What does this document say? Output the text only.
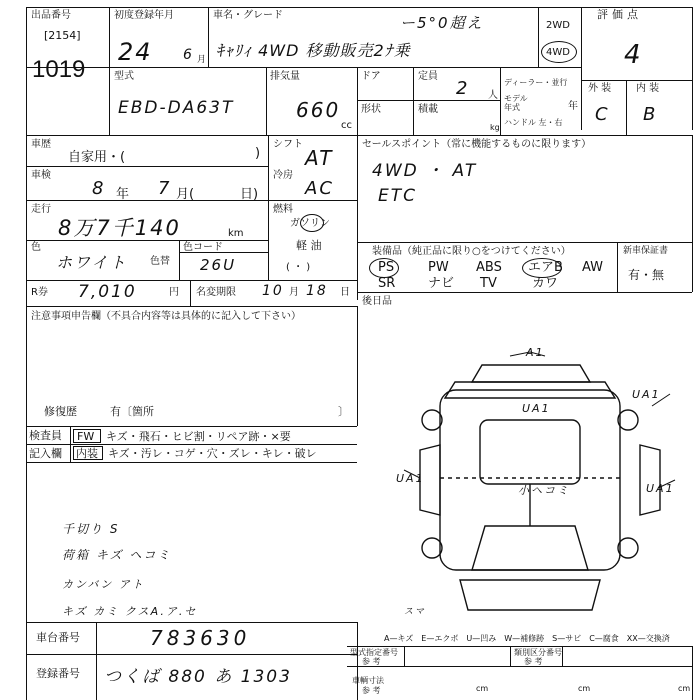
出品番号
[2154]
1019
初度登録年月
24 6 月
車名・グレード	ー5°0超え
ｷｬﾘｨ 4WD 移動販売2ﾅ乗
2WD
4WD
評価点
4
型式
EBD-DA63T
排気量
660
cc
ドア	定員
2 人
ディーラー・並行
モデル 年式	年
形状	積載
kg
ハンドル 左・右
外 装 内 装
C B
車歴
自家用・(	)
シフト
AT
セールスポイント（常に機能するものに限ります）
4WD ・ AT
ETC
車検
8 年 7 月(	日)
冷房
AC
走行
8万7千140	km
燃料
ガソリン
軽 油
( ・ )
色
ホワイト 色替
色コード
26U
装備品（純正品に限り○をつけてください）	新車保証書
有・無
PS	PW ABS エアB AW
SR	ナビ TV	カワ
後日品
R券 7,010	円 名変期限 10 月 18 日
注意事項申告欄（不具合内容等は具体的に記入して下さい）
修復歴	有〔箇所	〕
検査員
記入欄
FW キズ・飛石・ヒビ割・リペア跡・×要
内装 キズ・汚レ・コゲ・穴・ズレ・キレ・破レ
千切り S
荷箱 キズ ヘコミ
カンバン アト
キズ カミ クスA.ア.セ
A1
UA1
UA1
UA1
UA1
小ヘコミ
スマ
A—キズ　E—エクボ　U—凹み　W—補修跡　S—サビ　C—腐食　XX—交換済
車台番号	783630
登録番号 つくば 880 あ 1303
型式指定番号
参 考
類別区分番号
参 考
車輌寸法
参 考	cm	cm	cm
